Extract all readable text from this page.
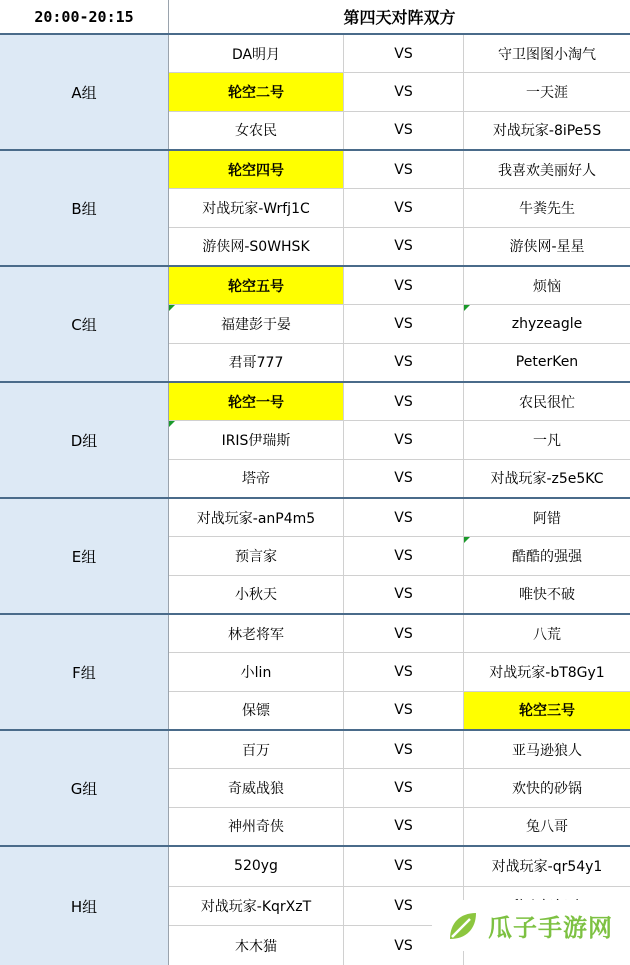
20:00-20:15	第四天对阵双方
A组
DA明月	VS	守卫图图小淘气
轮空二号	VS	一天涯
女农民	VS	对战玩家-8iPe5S
B组
轮空四号	VS	我喜欢美丽好人
对战玩家-Wrfj1C	VS	牛粪先生
游侠网-S0WHSK	VS	游侠网-星星
C组
轮空五号	VS	烦恼
福建彭于晏	VS	zhyzeagle
君哥777	VS	PeterKen
D组
轮空一号	VS	农民很忙
IRIS伊瑞斯	VS	一凡
塔帝	VS	对战玩家-z5e5KC
E组
对战玩家-anP4m5	VS	阿错
预言家	VS	酷酷的强强
小秋天	VS	唯快不破
F组
林老将军	VS	八荒
小lin	VS	对战玩家-bT8Gy1
保镖	VS	轮空三号
G组
百万	VS	亚马逊狼人
奇威战狼	VS	欢快的砂锅
神州奇侠	VS	兔八哥
H组
520yg	VS	对战玩家-qr54y1
对战玩家-KqrXzT	VS
木木猫	VS
瓜子手游网
